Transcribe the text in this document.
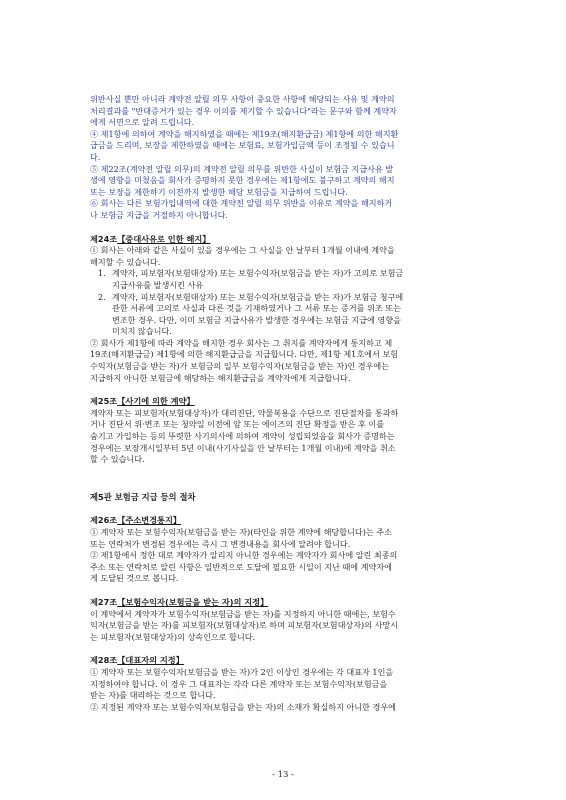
위반사실 뿐만 아니라 계약전 알릴 의무 사항이 중요한 사항에 해당되는 사유 및 계약의

처리결과를 "반대증거가 있는 경우 이의를 제기할 수 있습니다"라는 문구와 함께 계약자

에게 서면으로 알려 드립니다.

④ 제1항에 의하여 계약을 해지하였을 때에는 제19조(해지환급금) 제1항에 의한 해지환

급금을 드리며, 보장을 제한하였을 때에는 보험료, 보험가입금액 등이 조정될 수 있습니

다.

⑤ 제22조(계약전 알릴 의무)의 계약전 알릴 의무를 위반한 사실이 보험금 지급사유 발

생에 영향을 미쳤음을 회사가 증명하지 못한 경우에는 제1항에도 불구하고 계약의 해지

또는 보장을 제한하기 이전까지 발생한 해당 보험금을 지급하여 드립니다.

⑥ 회사는 다른 보험가입내역에 대한 계약전 알릴 의무 위반을 이유로 계약을 해지하거

나 보험금 지급을 거절하지 아니합니다.

제24조【중대사유로 인한 해지】

① 회사는 아래와 같은 사실이 있을 경우에는 그 사실을 안 날부터 1개월 이내에 계약을

해지할 수 있습니다.

1. 계약자, 피보험자(보험대상자) 또는 보험수익자(보험금을 받는 자)가 고의로 보험금

지급사유를 발생시킨 사유

2. 계약자, 피보험자(보험대상자) 또는 보험수익자(보험금을 받는 자)가 보험금 청구에

관한 서류에 고의로 사실과 다른 것을 기재하였거나 그 서류 또는 증거를 위조 또는

변조한 경우. 다만, 이미 보험금 지급사유가 발생한 경우에는 보험금 지급에 영향을

미치지 않습니다.

② 회사가 제1항에 따라 계약을 해지한 경우 회사는 그 취지를 계약자에게 통지하고 제

19조(해지환급금) 제1항에 의한 해지환급금을 지급합니다. 다만, 제1항 제1호에서 보험

수익자(보험금을 받는 자)가 보험금의 일부 보험수익자(보험금을 받는 자)인 경우에는

지급하지 아니한 보험금에 해당하는 해지환급금을 계약자에게 지급합니다.

제25조【사기에 의한 계약】

계약자 또는 피보험자(보험대상자)가 대리진단, 약물복용을 수단으로 진단절차를 통과하

거나 진단서 위·변조 또는 청약일 이전에 암 또는 에이즈의 진단 확정을 받은 후 이를

숨기고 가입하는 등의 뚜렷한 사기의사에 의하여 계약이 성립되었음을 회사가 증명하는

경우에는 보장개시일부터 5년 이내(사기사실을 안 날부터는 1개월 이내)에 계약을 취소

할 수 있습니다.

제5관 보험금 지급 등의 절차

제26조【주소변경통지】

① 계약자 또는 보험수익자(보험금을 받는 자)(타인을 위한 계약에 해당합니다)는 주소

또는 연락처가 변경된 경우에는 즉시 그 변경내용을 회사에 알려야 합니다.

② 제1항에서 정한 대로 계약자가 알리지 아니한 경우에는 계약자가 회사에 알린 최종의

주소 또는 연락처로 알린 사항은 일반적으로 도달에 필요한 시일이 지난 때에 계약자에

게 도달된 것으로 봅니다.

제27조【보험수익자(보험금을 받는 자)의 지정】

이 계약에서 계약자가 보험수익자(보험금을 받는 자)를 지정하지 아니한 때에는, 보험수

익자(보험금을 받는 자)를 피보험자(보험대상자)로 하며 피보험자(보험대상자)의 사망시

는 피보험자(보험대상자)의 상속인으로 합니다.

제28조【대표자의 지정】

① 계약자 또는 보험수익자(보험금을 받는 자)가 2인 이상인 경우에는 각 대표자 1인을

지정하여야 합니다. 이 경우 그 대표자는 각각 다른 계약자 또는 보험수익자(보험금을

받는 자)를 대리하는 것으로 합니다.

② 지정된 계약자 또는 보험수익자(보험금을 받는 자)의 소재가 확실하지 아니한 경우에

- 13 -
